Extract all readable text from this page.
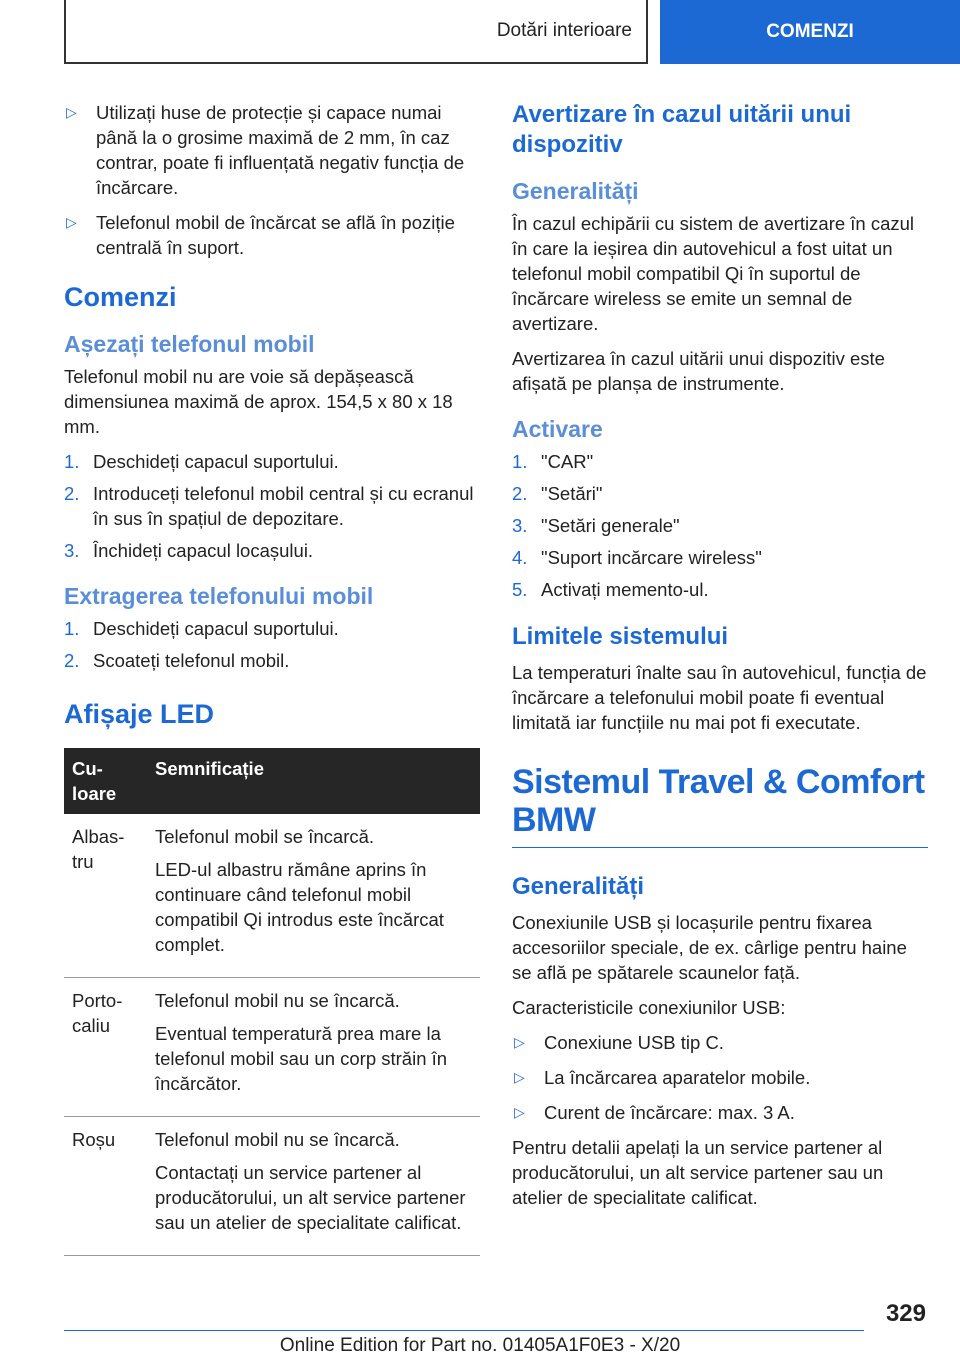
Dotări interioare	COMENZI
▷	Utilizați huse de protecție și capace numai până la o grosime maximă de 2 mm, în caz contrar, poate fi influențată negativ funcția de încărcare.
▷	Telefonul mobil de încărcat se află în poziție centrală în suport.
Comenzi
Așezați telefonul mobil

Telefonul mobil nu are voie să depășească dimensiunea maximă de aprox. 154,5 x 80 x 18 mm.

1. Deschideți capacul suportului.
2. Introduceți telefonul mobil central și cu ecranul în sus în spațiul de depozitare.
3. Închideți capacul locașului.
Extragerea telefonului mobil
1. Deschideți capacul suportului.
2. Scoateți telefonul mobil.
Afișaje LED
Cu-loare	Semnificație
Albas-tru	Telefonul mobil se încarcă.

LED-ul albastru rămâne aprins în continuare când telefonul mobil compatibil Qi introdus este încărcat complet.

Porto-caliu	Telefonul mobil nu se încarcă.

Eventual temperatură prea mare la telefonul mobil sau un corp străin în încărcător.

Roșu	Telefonul mobil nu se încarcă.

Contactați un service partener al producătorului, un alt service partener sau un atelier de specialitate calificat.

Avertizare în cazul uitării unui dispozitiv
Generalități

În cazul echipării cu sistem de avertizare în cazul în care la ieșirea din autovehicul a fost uitat un telefonul mobil compatibil Qi în suportul de încărcare wireless se emite un semnal de avertizare.

Avertizarea în cazul uitării unui dispozitiv este afișată pe planșa de instrumente.

Activare
1. "CAR"
2. "Setări"
3. "Setări generale"
4. "Suport incărcare wireless"
5. Activați memento-ul.
Limitele sistemului

La temperaturi înalte sau în autovehicul, funcția de încărcare a telefonului mobil poate fi eventual limitată iar funcțiile nu mai pot fi executate.

Sistemul Travel & Comfort BMW
Generalități

Conexiunile USB și locașurile pentru fixarea accesoriilor speciale, de ex. cârlige pentru haine se află pe spătarele scaunelor față.

Caracteristicile conexiunilor USB:

▷	Conexiune USB tip C.
▷	La încărcarea aparatelor mobile.
▷	Curent de încărcare: max. 3 A.

Pentru detalii apelați la un service partener al producătorului, un alt service partener sau un atelier de specialitate calificat.

329
Online Edition for Part no. 01405A1F0E3 - X/20
